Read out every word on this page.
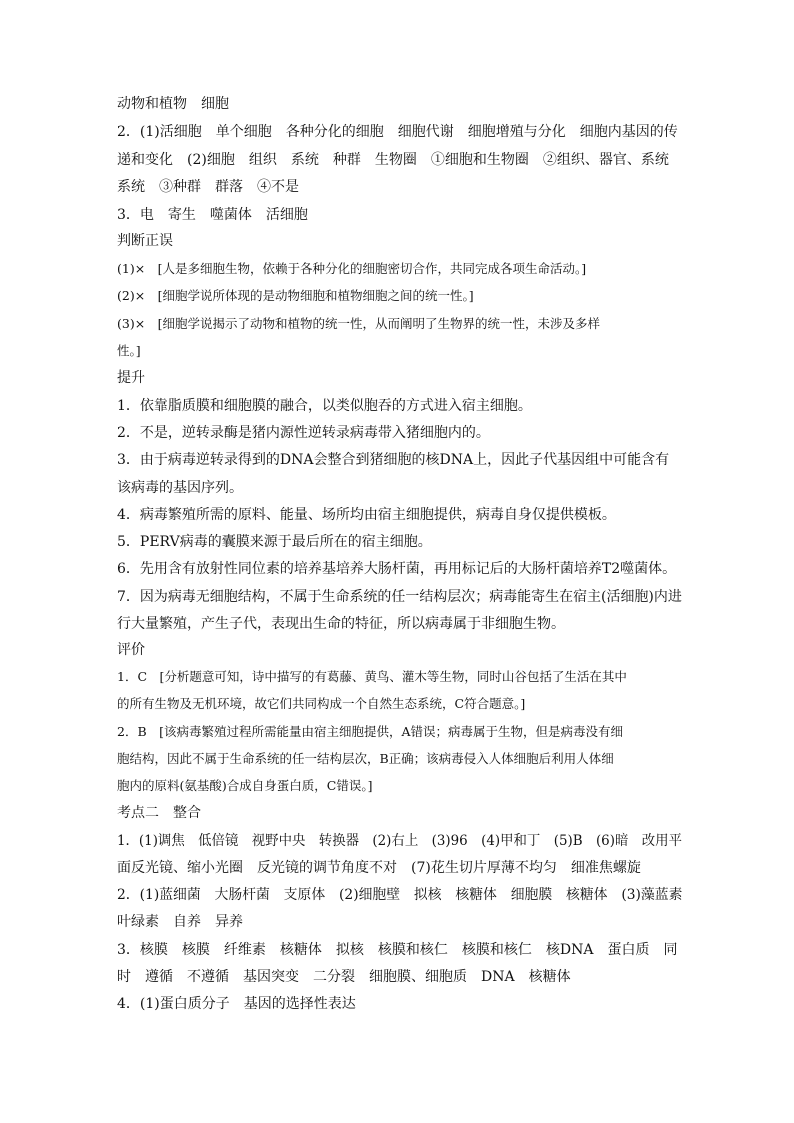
动物和植物　细胞
2．(1)活细胞　单个细胞　各种分化的细胞　细胞代谢　细胞增殖与分化　细胞内基因的传
递和变化　(2)细胞　组织　系统　种群　生物圈　①细胞和生物圈　②组织、器官、系统
系统　③种群　群落　④不是
3．电　寄生　噬菌体　活细胞
判断正误
(1)×　[人是多细胞生物，依赖于各种分化的细胞密切合作，共同完成各项生命活动。]
(2)×　[细胞学说所体现的是动物细胞和植物细胞之间的统一性。]
(3)×　[细胞学说揭示了动物和植物的统一性，从而阐明了生物界的统一性，未涉及多样
性。]
提升
1．依靠脂质膜和细胞膜的融合，以类似胞吞的方式进入宿主细胞。
2．不是，逆转录酶是猪内源性逆转录病毒带入猪细胞内的。
3．由于病毒逆转录得到的DNA会整合到猪细胞的核DNA上，因此子代基因组中可能含有
该病毒的基因序列。
4．病毒繁殖所需的原料、能量、场所均由宿主细胞提供，病毒自身仅提供模板。
5．PERV病毒的囊膜来源于最后所在的宿主细胞。
6．先用含有放射性同位素的培养基培养大肠杆菌，再用标记后的大肠杆菌培养T2噬菌体。
7．因为病毒无细胞结构，不属于生命系统的任一结构层次；病毒能寄生在宿主(活细胞)内进
行大量繁殖，产生子代，表现出生命的特征，所以病毒属于非细胞生物。
评价
1．C　[分析题意可知，诗中描写的有葛藤、黄鸟、灌木等生物，同时山谷包括了生活在其中
的所有生物及无机环境，故它们共同构成一个自然生态系统，C符合题意。]
2．B　[该病毒繁殖过程所需能量由宿主细胞提供，A错误；病毒属于生物，但是病毒没有细
胞结构，因此不属于生命系统的任一结构层次，B正确；该病毒侵入人体细胞后利用人体细
胞内的原料(氨基酸)合成自身蛋白质，C错误。]
考点二　整合
1．(1)调焦　低倍镜　视野中央　转换器　(2)右上　(3)96　(4)甲和丁　(5)B　(6)暗　改用平
面反光镜、缩小光圈　反光镜的调节角度不对　(7)花生切片厚薄不均匀　细准焦螺旋
2．(1)蓝细菌　大肠杆菌　支原体　(2)细胞壁　拟核　核糖体　细胞膜　核糖体　(3)藻蓝素
叶绿素　自养　异养
3．核膜　核膜　纤维素　核糖体　拟核　核膜和核仁　核膜和核仁　核DNA　蛋白质　同
时　遵循　不遵循　基因突变　二分裂　细胞膜、细胞质　DNA　核糖体
4．(1)蛋白质分子　基因的选择性表达
